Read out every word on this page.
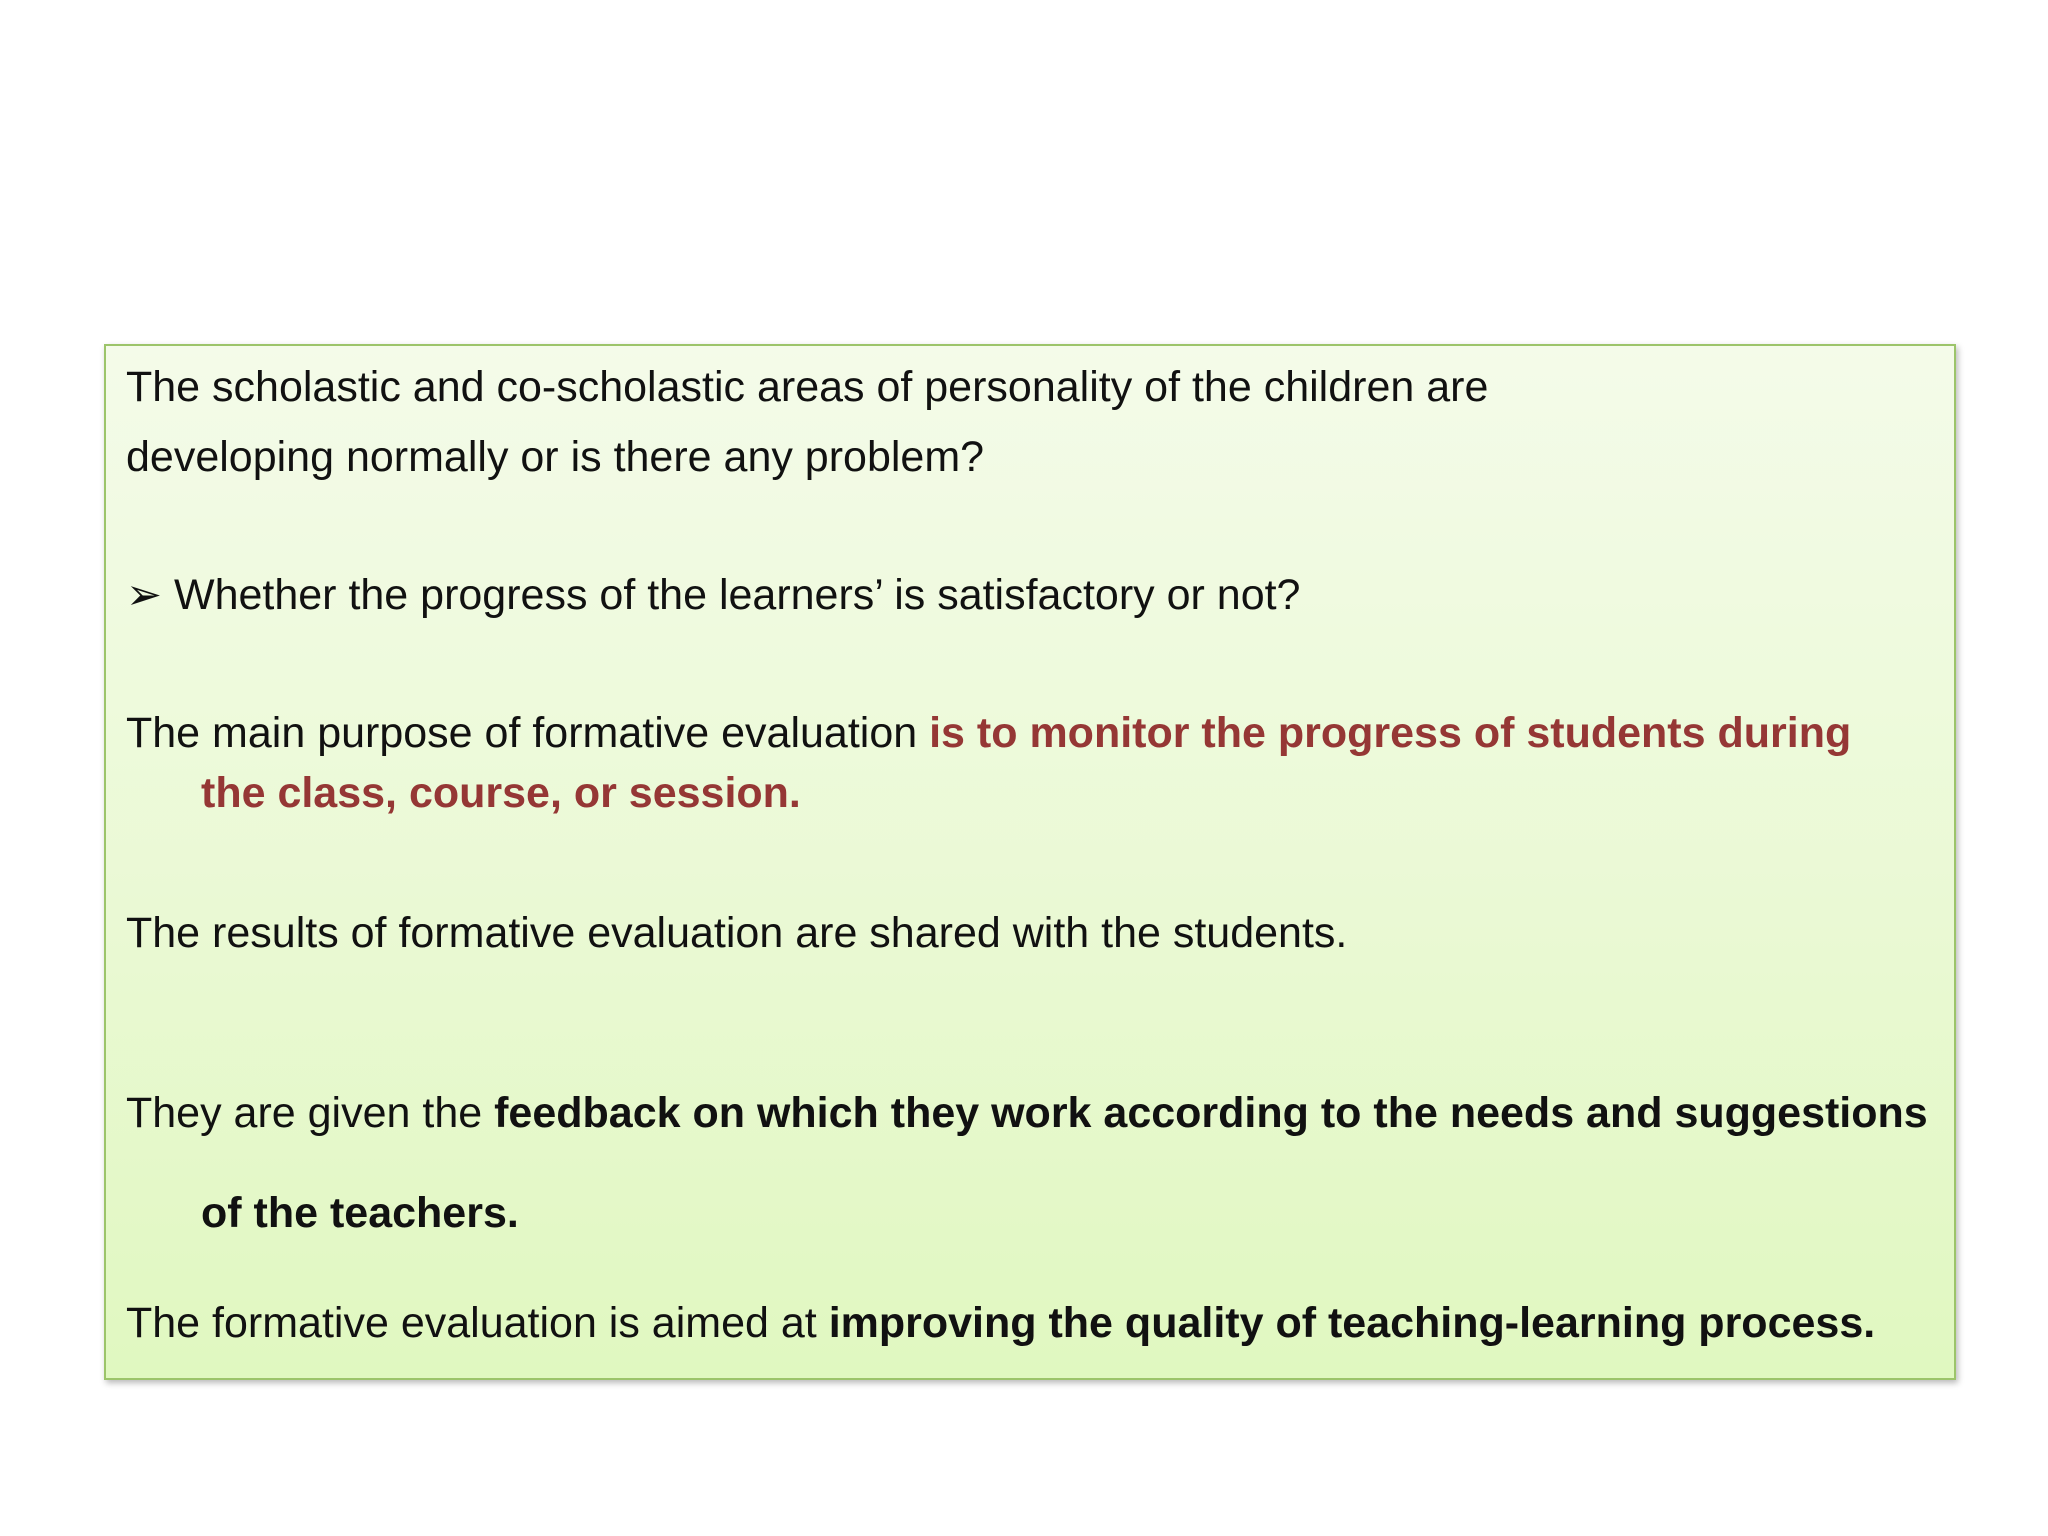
The scholastic and co-scholastic areas of personality of the children are

developing normally or is there any problem?

➢ Whether the progress of the learners’ is satisfactory or not?

The main purpose of formative evaluation is to monitor the progress of students during

the class, course, or session.

The results of formative evaluation are shared with the students.

They are given the feedback on which they work according to the needs and suggestions

of the teachers.

The formative evaluation is aimed at improving the quality of teaching-learning process.
